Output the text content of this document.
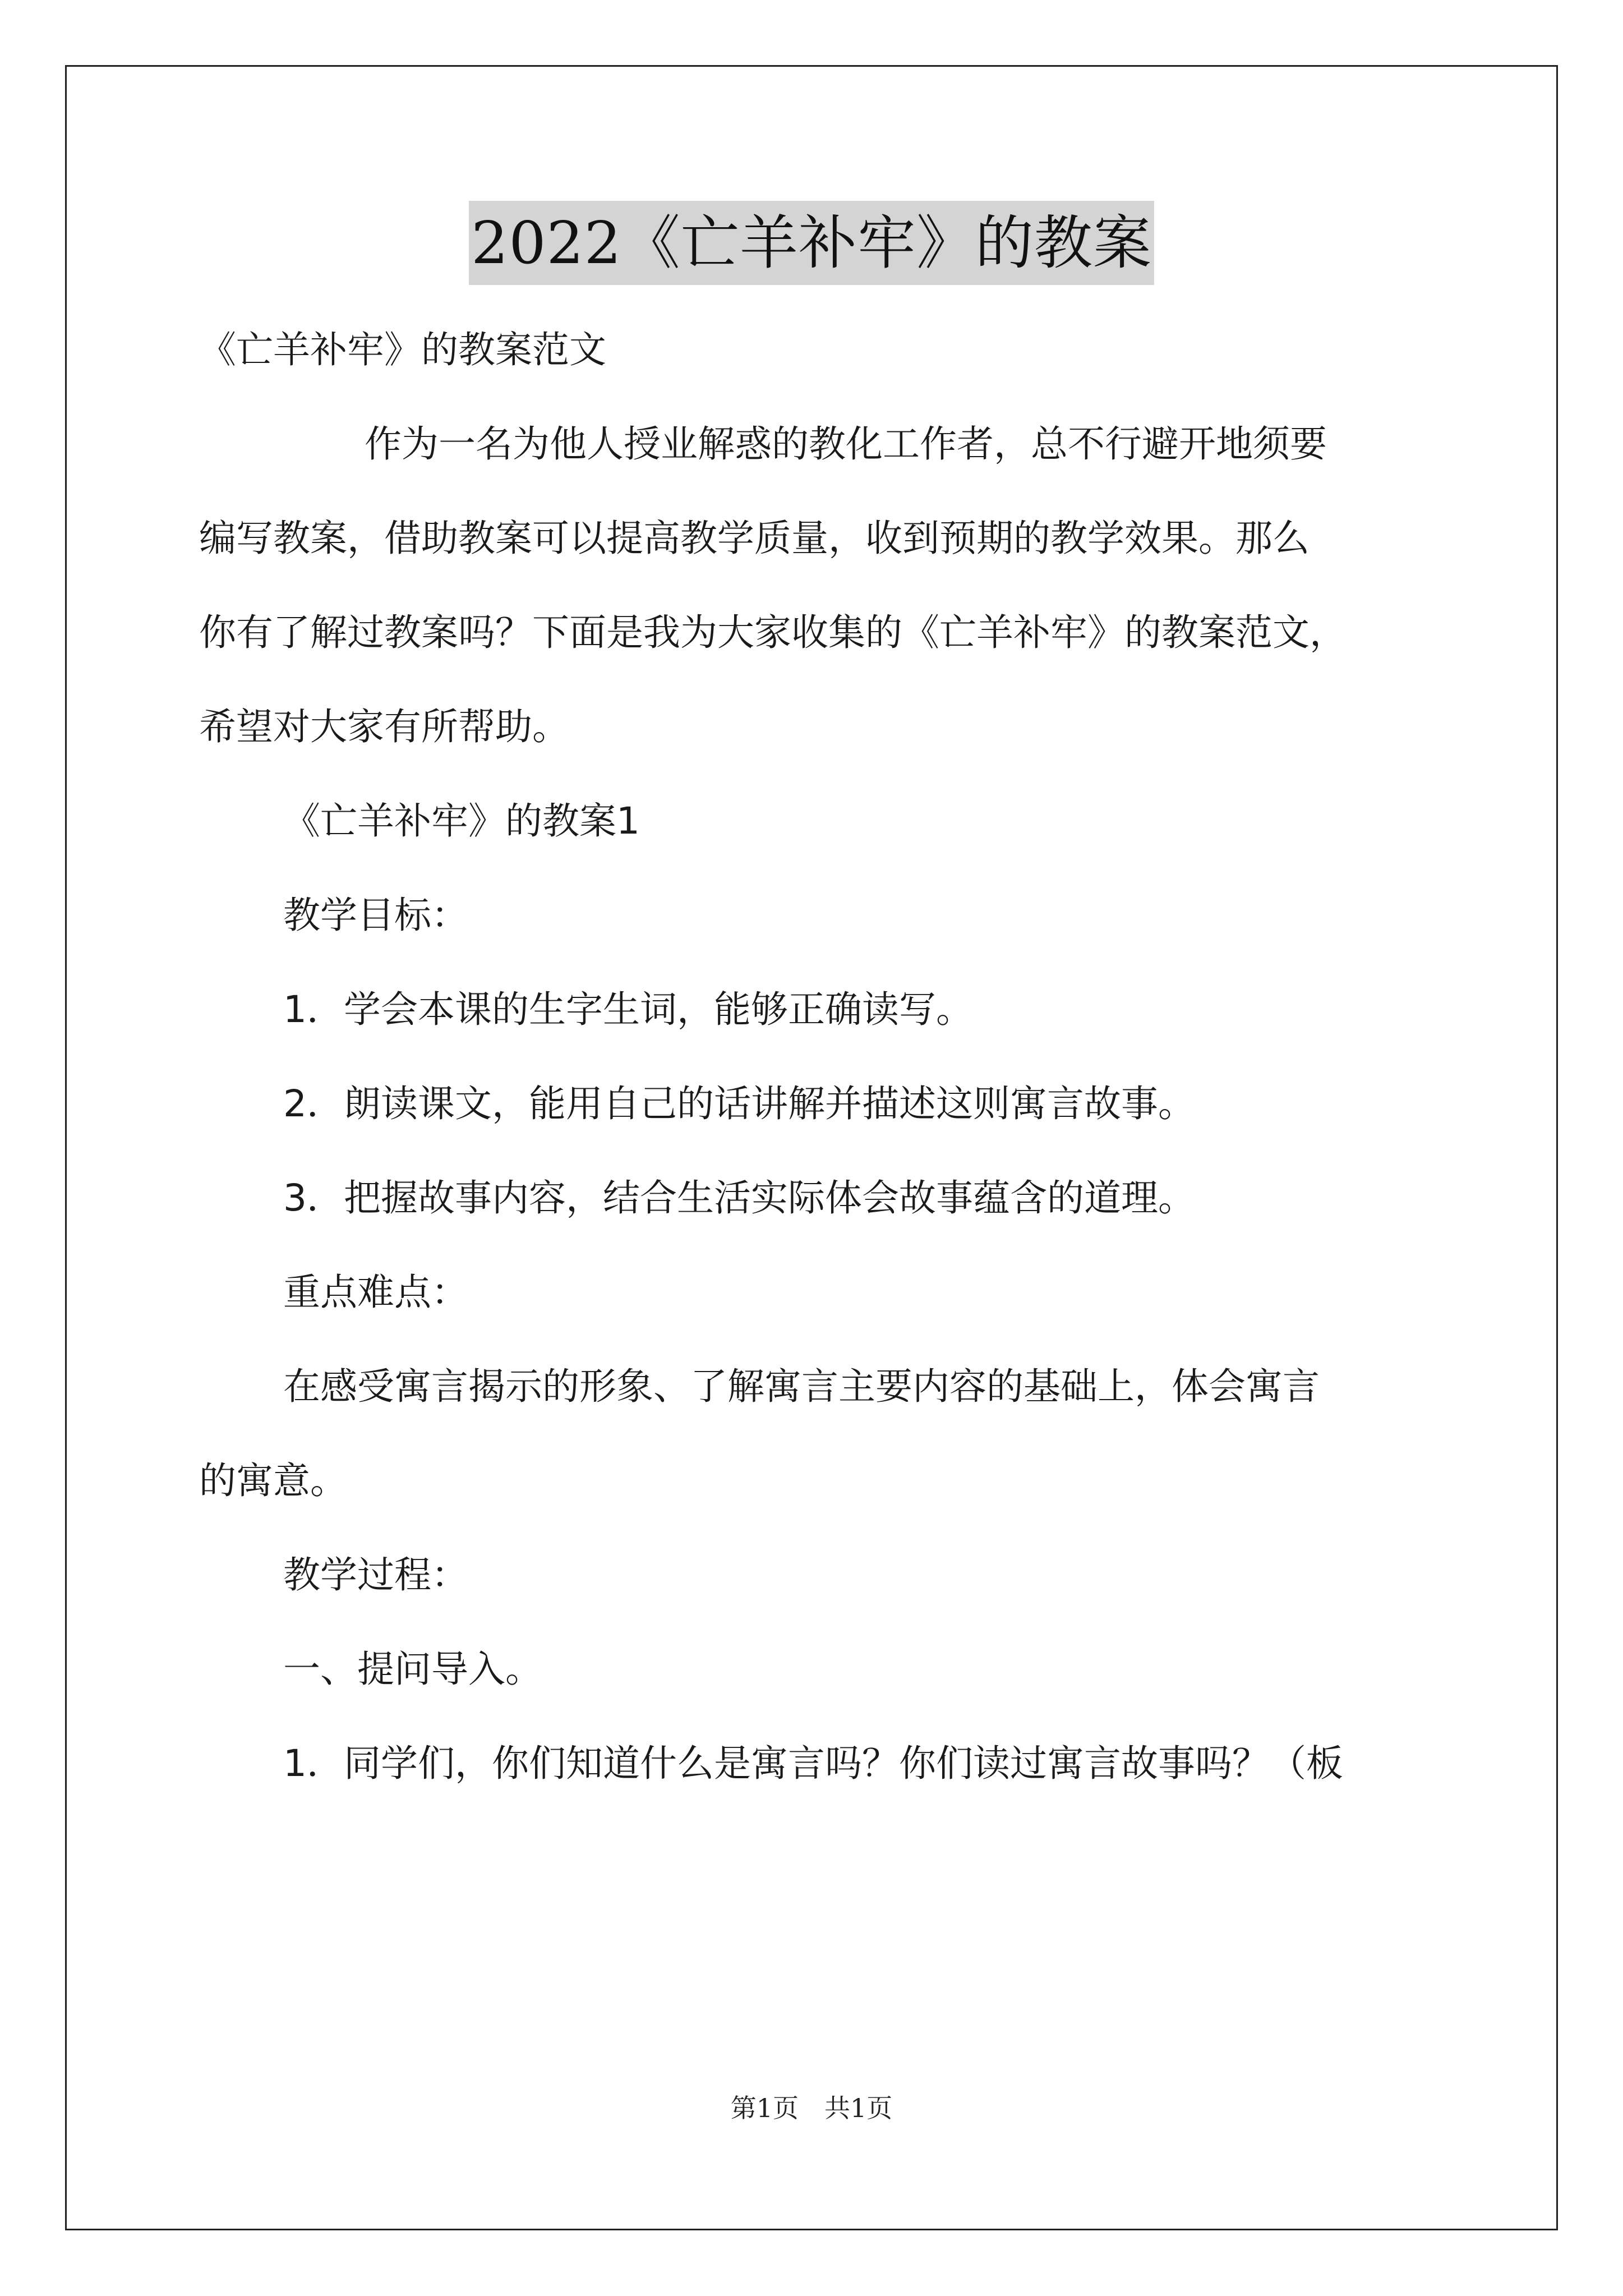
2022《亡羊补牢》的教案
《亡羊补牢》的教案范文
作为一名为他人授业解惑的教化工作者，总不行避开地须要
编写教案，借助教案可以提高教学质量，收到预期的教学效果。那么
你有了解过教案吗？下面是我为大家收集的《亡羊补牢》的教案范文，
希望对大家有所帮助。
《亡羊补牢》的教案1
教学目标：
1．学会本课的生字生词，能够正确读写。
2．朗读课文，能用自己的话讲解并描述这则寓言故事。
3．把握故事内容，结合生活实际体会故事蕴含的道理。
重点难点：
在感受寓言揭示的形象、了解寓言主要内容的基础上，体会寓言
的寓意。
教学过程：
一、提问导入。
1．同学们，你们知道什么是寓言吗？你们读过寓言故事吗？（板
第1页　共1页
